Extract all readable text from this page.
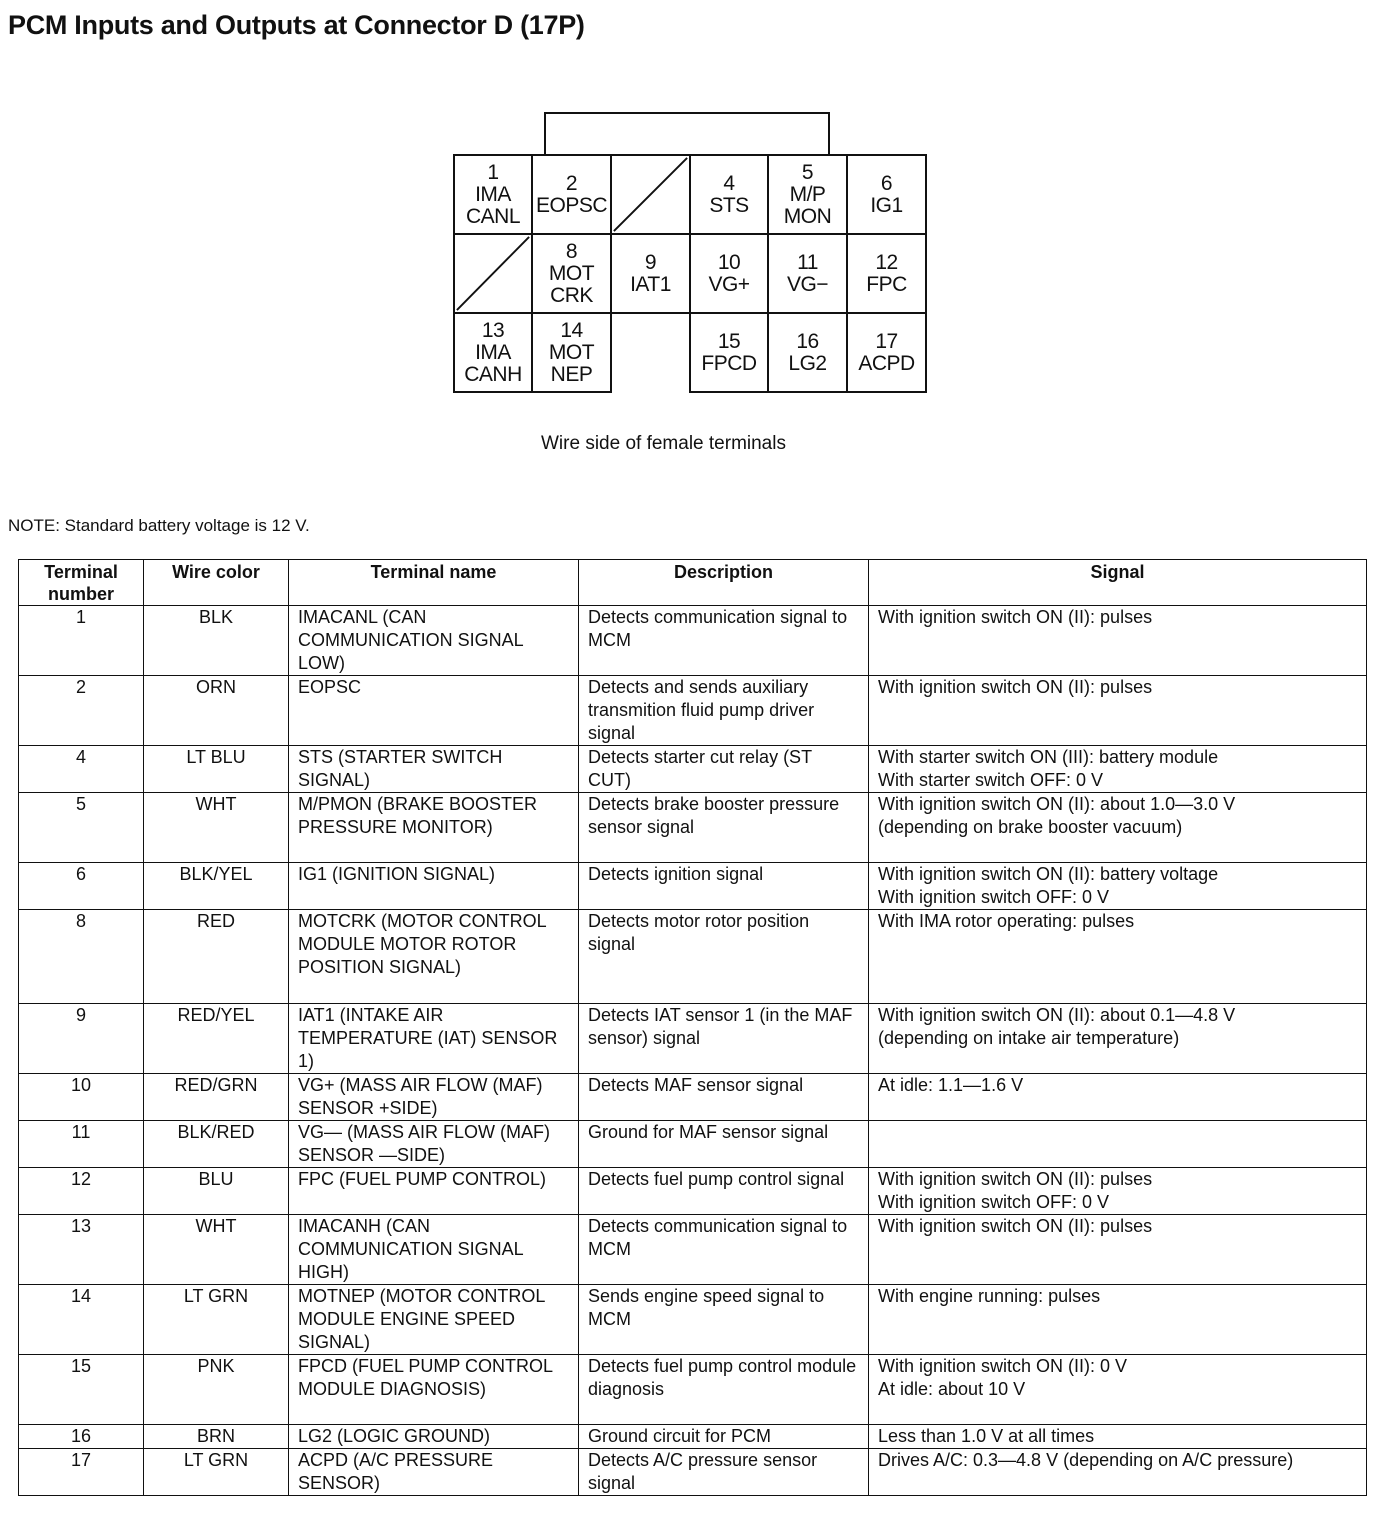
PCM Inputs and Outputs at Connector D (17P)
1
IMA
CANL
2
EOPSC
4
STS
5
M/P
MON
6
IG1
8
MOT
CRK
9
IAT1
10
VG+
11
VG−
12
FPC
13
IMA
CANH
14
MOT
NEP
15
FPCD
16
LG2
17
ACPD
Wire side of female terminals
NOTE: Standard battery voltage is 12 V.
Terminal number	Wire color	Terminal name	Description	Signal
1	BLK	IMACANL (CAN COMMUNICATION SIGNAL LOW)	Detects communication signal to MCM	With ignition switch ON (II): pulses
2	ORN	EOPSC	Detects and sends auxiliary transmition fluid pump driver signal	With ignition switch ON (II): pulses
4	LT BLU	STS (STARTER SWITCH SIGNAL)	Detects starter cut relay (ST CUT)	With starter switch ON (III): battery module
With starter switch OFF: 0 V
5	WHT	M/PMON (BRAKE BOOSTER PRESSURE MONITOR)	Detects brake booster pressure sensor signal	With ignition switch ON (II): about 1.0—3.0 V
(depending on brake booster vacuum)
6	BLK/YEL	IG1 (IGNITION SIGNAL)	Detects ignition signal	With ignition switch ON (II): battery voltage
With ignition switch OFF: 0 V
8	RED	MOTCRK (MOTOR CONTROL MODULE MOTOR ROTOR POSITION SIGNAL)	Detects motor rotor position signal	With IMA rotor operating: pulses
9	RED/YEL	IAT1 (INTAKE AIR TEMPERATURE (IAT) SENSOR 1)	Detects IAT sensor 1 (in the MAF sensor) signal	With ignition switch ON (II): about 0.1—4.8 V
(depending on intake air temperature)
10	RED/GRN	VG+ (MASS AIR FLOW (MAF) SENSOR +SIDE)	Detects MAF sensor signal	At idle: 1.1—1.6 V
11	BLK/RED	VG— (MASS AIR FLOW (MAF) SENSOR —SIDE)	Ground for MAF sensor signal	
12	BLU	FPC (FUEL PUMP CONTROL)	Detects fuel pump control signal	With ignition switch ON (II): pulses
With ignition switch OFF: 0 V
13	WHT	IMACANH (CAN COMMUNICATION SIGNAL HIGH)	Detects communication signal to MCM	With ignition switch ON (II): pulses
14	LT GRN	MOTNEP (MOTOR CONTROL MODULE ENGINE SPEED SIGNAL)	Sends engine speed signal to MCM	With engine running: pulses
15	PNK	FPCD (FUEL PUMP CONTROL MODULE DIAGNOSIS)	Detects fuel pump control module diagnosis	With ignition switch ON (II): 0 V
At idle: about 10 V
16	BRN	LG2 (LOGIC GROUND)	Ground circuit for PCM	Less than 1.0 V at all times
17	LT GRN	ACPD (A/C PRESSURE SENSOR)	Detects A/C pressure sensor signal	Drives A/C: 0.3—4.8 V (depending on A/C pressure)
